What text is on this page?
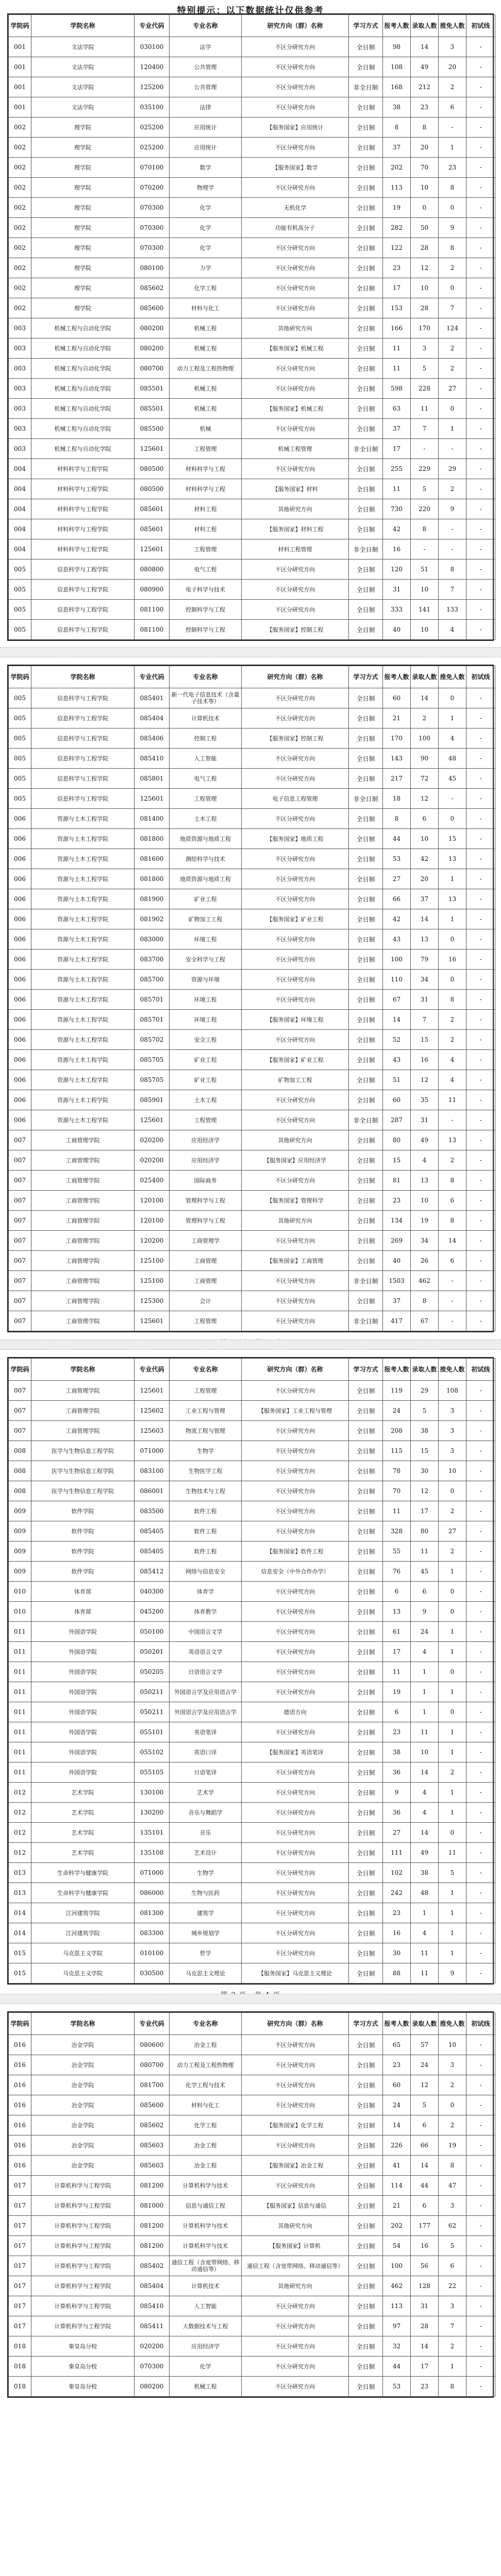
特别提示：以下数据统计仅供参考
学院码	学院名称	专业代码	专业名称	研究方向（群）名称	学习方式	报考人数	录取人数	推免人数	初试线
001	文法学院	030100	法学	不区分研究方向	全日制	98	14	3	-
001	文法学院	120400	公共管理	不区分研究方向	全日制	108	49	20	-
001	文法学院	125200	公共管理	不区分研究方向	非全日制	168	212	2	-
001	文法学院	035100	法律	不区分研究方向	全日制	38	23	6	-
002	理学院	025200	应用统计	【服务国家】应用统计	全日制	8	8	-	-
002	理学院	025200	应用统计	不区分研究方向	全日制	37	20	1	-
002	理学院	070100	数学	【服务国家】数学	全日制	202	70	23	-
002	理学院	070200	物理学	不区分研究方向	全日制	113	10	8	-
002	理学院	070300	化学	无机化学	全日制	19	0	0	-
002	理学院	070300	化学	功能有机高分子	全日制	282	50	9	-
002	理学院	070300	化学	不区分研究方向	全日制	122	28	8	-
002	理学院	080100	力学	不区分研究方向	全日制	23	12	2	-
002	理学院	085602	化学工程	不区分研究方向	全日制	17	10	0	-
002	理学院	085600	材料与化工	不区分研究方向	全日制	153	28	7	-
003	机械工程与自动化学院	080200	机械工程	其他研究方向	全日制	166	170	124	-
003	机械工程与自动化学院	080200	机械工程	【服务国家】机械工程	全日制	11	3	2	-
003	机械工程与自动化学院	080700	动力工程及工程热物理	不区分研究方向	全日制	11	5	2	-
003	机械工程与自动化学院	085501	机械工程	不区分研究方向	全日制	598	228	27	-
003	机械工程与自动化学院	085501	机械工程	【服务国家】机械工程	全日制	63	11	0	-
003	机械工程与自动化学院	085500	机械	不区分研究方向	全日制	37	7	1	-
003	机械工程与自动化学院	125601	工程管理	机械工程管理	非全日制	17	-	-	-
004	材料科学与工程学院	080500	材料科学与工程	不区分研究方向	全日制	255	229	29	-
004	材料科学与工程学院	080500	材料科学与工程	【服务国家】材料	全日制	11	5	2	-
004	材料科学与工程学院	085601	材料工程	其他研究方向	全日制	730	220	9	-
004	材料科学与工程学院	085601	材料工程	【服务国家】材料工程	全日制	42	8	-	-
004	材料科学与工程学院	125601	工程管理	材料工程管理	非全日制	16	-	-	-
005	信息科学与工程学院	080800	电气工程	不区分研究方向	全日制	120	51	8	-
005	信息科学与工程学院	080900	电子科学与技术	不区分研究方向	全日制	31	10	7	-
005	信息科学与工程学院	081100	控制科学与工程	不区分研究方向	全日制	333	141	133	-
005	信息科学与工程学院	081100	控制科学与工程	【服务国家】控制工程	全日制	40	10	4	-
学院码	学院名称	专业代码	专业名称	研究方向（群）名称	学习方式	报考人数	录取人数	推免人数	初试线
005	信息科学与工程学院	085401	新一代电子信息技术（含量子技术等）	不区分研究方向	全日制	60	14	0	-
005	信息科学与工程学院	085404	计算机技术	不区分研究方向	全日制	21	2	1	-
005	信息科学与工程学院	085406	控制工程	【服务国家】控制工程	全日制	170	100	4	-
005	信息科学与工程学院	085410	人工智能	不区分研究方向	全日制	143	90	48	-
005	信息科学与工程学院	085801	电气工程	不区分研究方向	全日制	217	72	45	-
005	信息科学与工程学院	125601	工程管理	电子信息工程管理	非全日制	18	12	-	-
006	资源与土木工程学院	081400	土木工程	不区分研究方向	全日制	8	6	0	-
006	资源与土木工程学院	081800	地质资源与地质工程	【服务国家】地质工程	全日制	44	10	15	-
006	资源与土木工程学院	081600	测绘科学与技术	不区分研究方向	全日制	53	42	13	-
006	资源与土木工程学院	081800	地质资源与地质工程	不区分研究方向	全日制	27	20	1	-
006	资源与土木工程学院	081900	矿业工程	不区分研究方向	全日制	66	37	13	-
006	资源与土木工程学院	081902	矿物加工工程	【服务国家】矿业工程	全日制	42	14	1	-
006	资源与土木工程学院	083000	环境工程	不区分研究方向	全日制	43	13	0	-
006	资源与土木工程学院	083700	安全科学与工程	不区分研究方向	全日制	100	79	16	-
006	资源与土木工程学院	085700	资源与环境	不区分研究方向	全日制	110	34	0	-
006	资源与土木工程学院	085701	环境工程	不区分研究方向	全日制	67	31	8	-
006	资源与土木工程学院	085701	环境工程	【服务国家】环境工程	全日制	14	7	2	-
006	资源与土木工程学院	085702	安全工程	不区分研究方向	全日制	52	15	2	-
006	资源与土木工程学院	085705	矿业工程	【服务国家】矿业工程	全日制	43	16	4	-
006	资源与土木工程学院	085705	矿业工程	矿物加工工程	全日制	51	12	4	-
006	资源与土木工程学院	085901	土木工程	不区分研究方向	全日制	60	35	11	-
006	资源与土木工程学院	125601	工程管理	不区分研究方向	非全日制	287	31	-	-
007	工商管理学院	020200	应用经济学	其他研究方向	全日制	80	49	13	-
007	工商管理学院	020200	应用经济学	【服务国家】应用经济学	全日制	15	4	2	-
007	工商管理学院	025400	国际商务	不区分研究方向	全日制	81	13	8	-
007	工商管理学院	120100	管理科学与工程	【服务国家】管理科学	全日制	23	10	6	-
007	工商管理学院	120100	管理科学与工程	其他研究方向	全日制	134	19	8	-
007	工商管理学院	120200	工商管理学	不区分研究方向	全日制	269	34	14	-
007	工商管理学院	125100	工商管理	【服务国家】工商管理	全日制	40	26	6	-
007	工商管理学院	125100	工商管理	不区分研究方向	非全日制	1503	462	-	-
007	工商管理学院	125300	会计	不区分研究方向	全日制	37	8	-	-
007	工商管理学院	125601	工程管理	不区分研究方向	非全日制	417	67	-	-
学院码	学院名称	专业代码	专业名称	研究方向（群）名称	学习方式	报考人数	录取人数	推免人数	初试线
007	工商管理学院	125601	工程管理	不区分研究方向	全日制	119	29	108	-
007	工商管理学院	125602	工业工程与管理	【服务国家】工业工程与管理	全日制	24	5	3	-
007	工商管理学院	125603	物流工程与管理	不区分研究方向	全日制	208	38	3	-
008	医学与生物信息工程学院	071000	生物学	不区分研究方向	全日制	115	15	3	-
008	医学与生物信息工程学院	083100	生物医学工程	不区分研究方向	全日制	78	30	10	-
008	医学与生物信息工程学院	086001	生物技术与工程	不区分研究方向	全日制	70	12	0	-
009	软件学院	083500	软件工程	不区分研究方向	全日制	11	17	2	-
009	软件学院	085405	软件工程	不区分研究方向	全日制	328	80	27	-
009	软件学院	085405	软件工程	【服务国家】软件工程	全日制	55	11	2	-
009	软件学院	085412	网络与信息安全	信息安全（中外合作办学）	全日制	76	45	1	-
010	体育部	040300	体育学	不区分研究方向	全日制	6	6	0	-
010	体育部	045200	体育教学	不区分研究方向	全日制	13	9	0	-
011	外国语学院	050100	中国语言文学	不区分研究方向	全日制	61	24	1	-
011	外国语学院	050201	英语语言文学	不区分研究方向	全日制	17	4	1	-
011	外国语学院	050205	日语语言文学	不区分研究方向	全日制	11	1	0	-
011	外国语学院	050211	外国语言学及应用语言学	不区分研究方向	全日制	19	1	1	-
011	外国语学院	050211	外国语言学及应用语言学	德语方向	全日制	6	1	0	-
011	外国语学院	055101	英语笔译	不区分研究方向	全日制	23	11	1	-
011	外国语学院	055102	英语口译	【服务国家】英语笔译	全日制	38	10	1	-
011	外国语学院	055105	日语笔译	不区分研究方向	全日制	36	14	2	-
012	艺术学院	130100	艺术学	不区分研究方向	全日制	9	4	1	-
012	艺术学院	130200	音乐与舞蹈学	不区分研究方向	全日制	36	4	1	-
012	艺术学院	135101	音乐	不区分研究方向	全日制	27	14	0	-
012	艺术学院	135108	艺术设计	不区分研究方向	全日制	111	49	11	-
013	生命科学与健康学院	071000	生物学	不区分研究方向	全日制	102	38	5	-
013	生命科学与健康学院	086000	生物与医药	不区分研究方向	全日制	242	48	1	-
014	江河建筑学院	081300	建筑学	不区分研究方向	全日制	23	1	1	-
014	江河建筑学院	083300	城乡规划学	不区分研究方向	全日制	16	4	1	-
015	马克思主义学院	010100	哲学	不区分研究方向	全日制	30	11	1	-
015	马克思主义学院	030500	马克思主义理论	【服务国家】马克思主义理论	全日制	88	11	9	-
学院码	学院名称	专业代码	专业名称	研究方向（群）名称	学习方式	报考人数	录取人数	推免人数	初试线
016	冶金学院	080600	冶金工程	不区分研究方向	全日制	65	57	10	-
016	冶金学院	080700	动力工程及工程热物理	不区分研究方向	全日制	23	24	3	-
016	冶金学院	081700	化学工程与技术	不区分研究方向	全日制	60	12	2	-
016	冶金学院	085600	材料与化工	不区分研究方向	全日制	24	5	0	-
016	冶金学院	085602	化学工程	【服务国家】化学工程	全日制	14	6	2	-
016	冶金学院	085603	冶金工程	不区分研究方向	全日制	226	66	19	-
016	冶金学院	085603	冶金工程	【服务国家】冶金工程	全日制	41	14	8	-
017	计算机科学与工程学院	081200	计算机科学与技术	不区分研究方向	全日制	114	44	47	-
017	计算机科学与工程学院	081000	信息与通信工程	【服务国家】信息与通信	全日制	21	6	3	-
017	计算机科学与工程学院	081200	计算机科学与技术	其他研究方向	全日制	202	177	62	-
017	计算机科学与工程学院	081200	计算机科学与技术	【服务国家】计算机	全日制	54	16	5	-
017	计算机科学与工程学院	085402	通信工程（含宽带网络、移动通信等）	通信工程（含宽带网络、移动通信等）	全日制	100	56	6	-
017	计算机科学与工程学院	085404	计算机技术	其他研究方向	全日制	462	128	22	-
017	计算机科学与工程学院	085410	人工智能	不区分研究方向	全日制	113	31	3	-
017	计算机科学与工程学院	085411	大数据技术与工程	不区分研究方向	全日制	97	28	7	-
018	秦皇岛分校	020200	应用经济学	不区分研究方向	全日制	32	14	2	-
018	秦皇岛分校	070300	化学	不区分研究方向	全日制	44	17	1	-
018	秦皇岛分校	080200	机械工程	不区分研究方向	全日制	53	23	8	-
